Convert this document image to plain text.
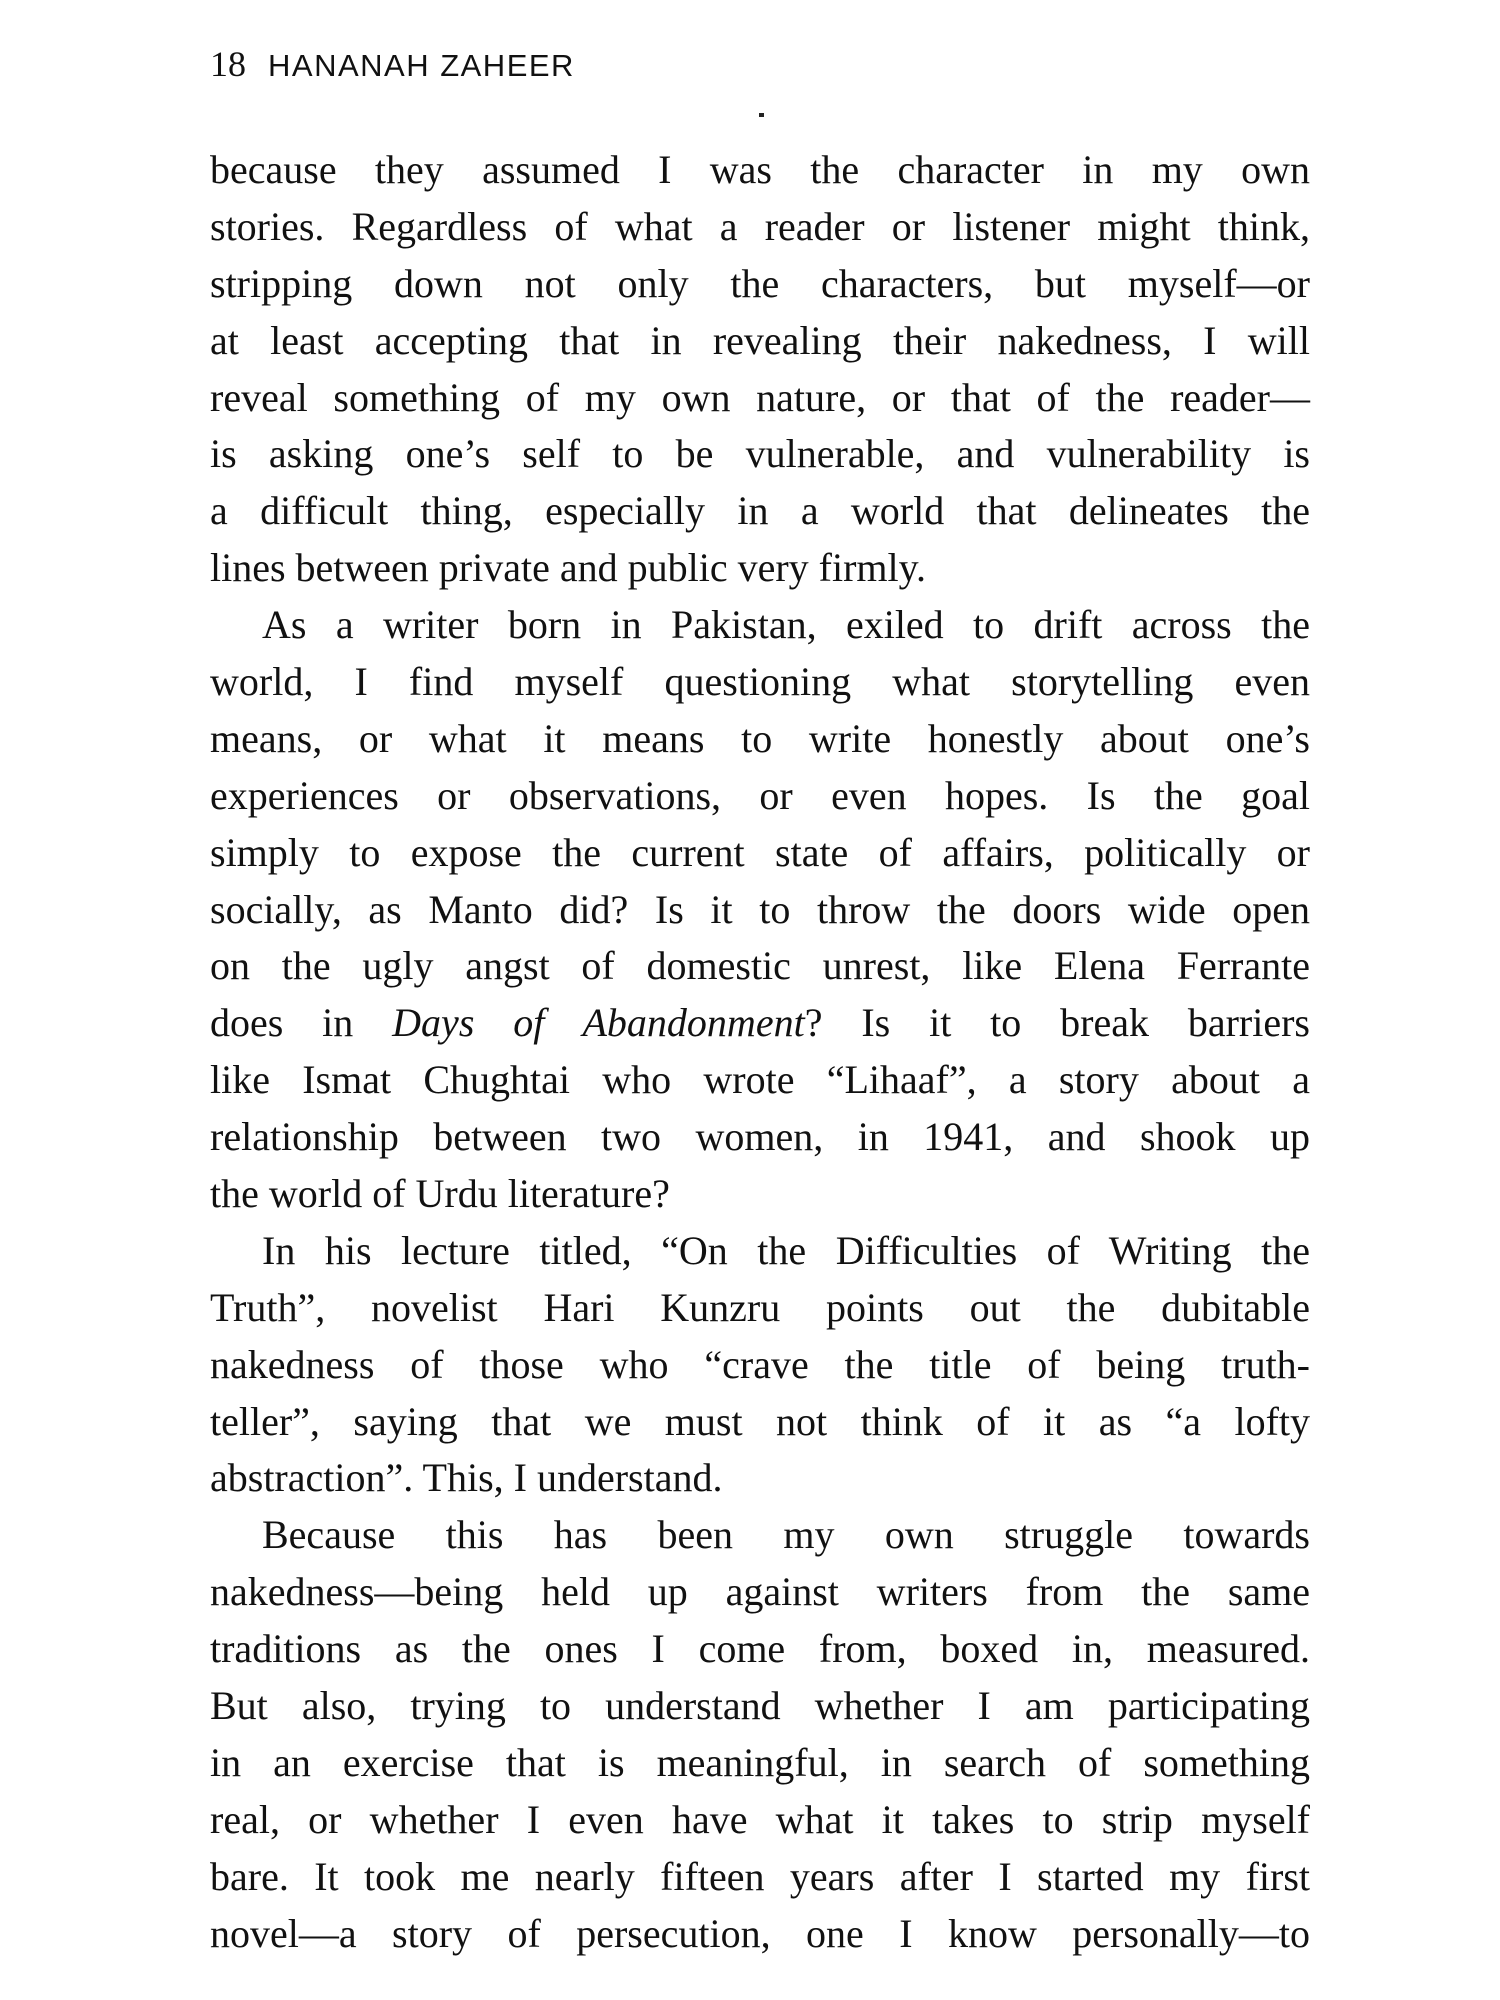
18 HANANAH ZAHEER
because they assumed I was the character in my own
stories. Regardless of what a reader or listener might think,
stripping down not only the characters, but myself—or
at least accepting that in revealing their nakedness, I will
reveal something of my own nature, or that of the reader—
is asking one’s self to be vulnerable, and vulnerability is
a difficult thing, especially in a world that delineates the
lines between private and public very firmly.
As a writer born in Pakistan, exiled to drift across the
world, I find myself questioning what storytelling even
means, or what it means to write honestly about one’s
experiences or observations, or even hopes. Is the goal
simply to expose the current state of affairs, politically or
socially, as Manto did? Is it to throw the doors wide open
on the ugly angst of domestic unrest, like Elena Ferrante
does in Days of Abandonment? Is it to break barriers
like Ismat Chughtai who wrote “Lihaaf”, a story about a
relationship between two women, in 1941, and shook up
the world of Urdu literature?
In his lecture titled, “On the Difficulties of Writing the
Truth”, novelist Hari Kunzru points out the dubitable
nakedness of those who “crave the title of being truth-
teller”, saying that we must not think of it as “a lofty
abstraction”. This, I understand.
Because this has been my own struggle towards
nakedness—being held up against writers from the same
traditions as the ones I come from, boxed in, measured.
But also, trying to understand whether I am participating
in an exercise that is meaningful, in search of something
real, or whether I even have what it takes to strip myself
bare. It took me nearly fifteen years after I started my first
novel—a story of persecution, one I know personally—to
